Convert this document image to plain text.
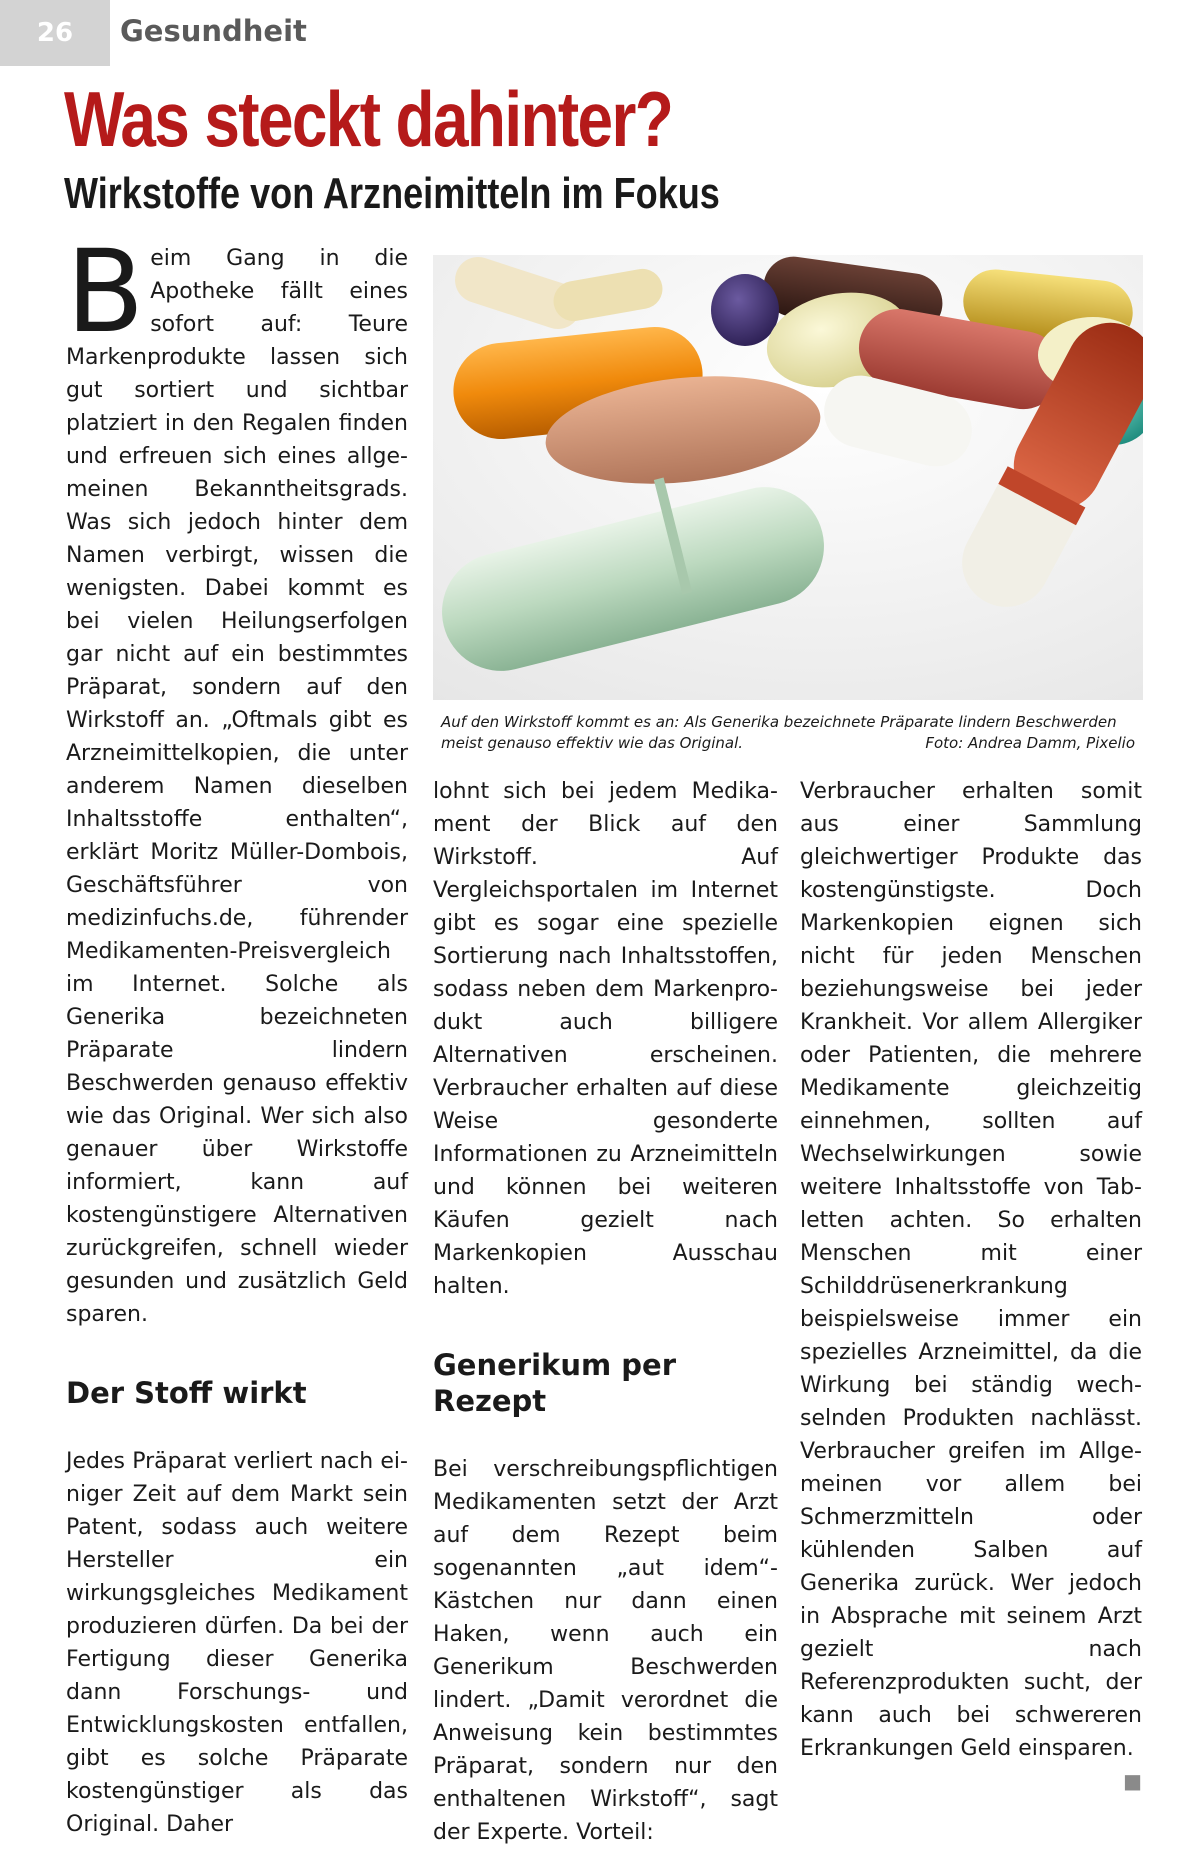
26	Gesundheit
Was steckt dahinter?
Wirkstoffe von Arzneimitteln im Fokus

Beim Gang in die Apotheke fällt eines sofort auf: Teure Markenprodukte lassen sich gut sortiert und sichtbar platziert in den Regalen finden und erfreuen sich eines allgemeinen Bekanntheitsgrads. Was sich jedoch hinter dem Namen verbirgt, wissen die wenigsten. Dabei kommt es bei vielen Heilungserfolgen gar nicht auf ein bestimmtes Präparat, sondern auf den Wirkstoff an. „Oftmals gibt es Arzneimittelkopien, die unter anderem Namen dieselben Inhaltsstoffe enthalten“, erklärt Moritz Müller-Dombois, Geschäftsführer von medizinfuchs.de, führender Medikamenten-Preisvergleich im Internet. Solche als Generika bezeichneten Präparate lindern Beschwerden genauso effektiv wie das Original. Wer sich also genauer über Wirkstoffe informiert, kann auf kostengünstigere Alternativen zurückgreifen, schnell wieder gesunden und zusätzlich Geld sparen.

Der Stoff wirkt

Jedes Präparat verliert nach einiger Zeit auf dem Markt sein Patent, sodass auch weitere Hersteller ein wirkungsgleiches Medikament produzieren dürfen. Da bei der Fertigung dieser Generika dann Forschungs- und Entwicklungskosten entfallen, gibt es solche Präparate kostengünstiger als das Original. Daher

Auf den Wirkstoff kommt es an: Als Generika bezeichnete Präparate lindern Beschwerden meist genauso effektiv wie das Original.	Foto: Andrea Damm, Pixelio

lohnt sich bei jedem Medikament der Blick auf den Wirkstoff. Auf Vergleichsportalen im Internet gibt es sogar eine spezielle Sortierung nach Inhaltsstoffen, sodass neben dem Markenprodukt auch billigere Alternativen erscheinen. Verbraucher erhalten auf diese Weise gesonderte Informationen zu Arzneimitteln und können bei weiteren Käufen gezielt nach Markenkopien Ausschau halten.

Generikum per Rezept

Bei verschreibungspflichtigen Medikamenten setzt der Arzt auf dem Rezept beim sogenannten „aut idem“-Kästchen nur dann einen Haken, wenn auch ein Generikum Beschwerden lindert. „Damit verordnet die Anweisung kein bestimmtes Präparat, sondern nur den enthaltenen Wirkstoff“, sagt der Experte. Vorteil:

Verbraucher erhalten somit aus einer Sammlung gleichwertiger Produkte das kostengünstigste. Doch Markenkopien eignen sich nicht für jeden Menschen beziehungsweise bei jeder Krankheit. Vor allem Allergiker oder Patienten, die mehrere Medikamente gleichzeitig einnehmen, sollten auf Wechselwirkungen sowie weitere Inhaltsstoffe von Tabletten achten. So erhalten Menschen mit einer Schilddrüsenerkrankung beispielsweise immer ein spezielles Arzneimittel, da die Wirkung bei ständig wechselnden Produkten nachlässt. Verbraucher greifen im Allgemeinen vor allem bei Schmerzmitteln oder kühlenden Salben auf Generika zurück. Wer jedoch in Absprache mit seinem Arzt gezielt nach Referenzprodukten sucht, der kann auch bei schwereren Erkrankungen Geld einsparen.
■
